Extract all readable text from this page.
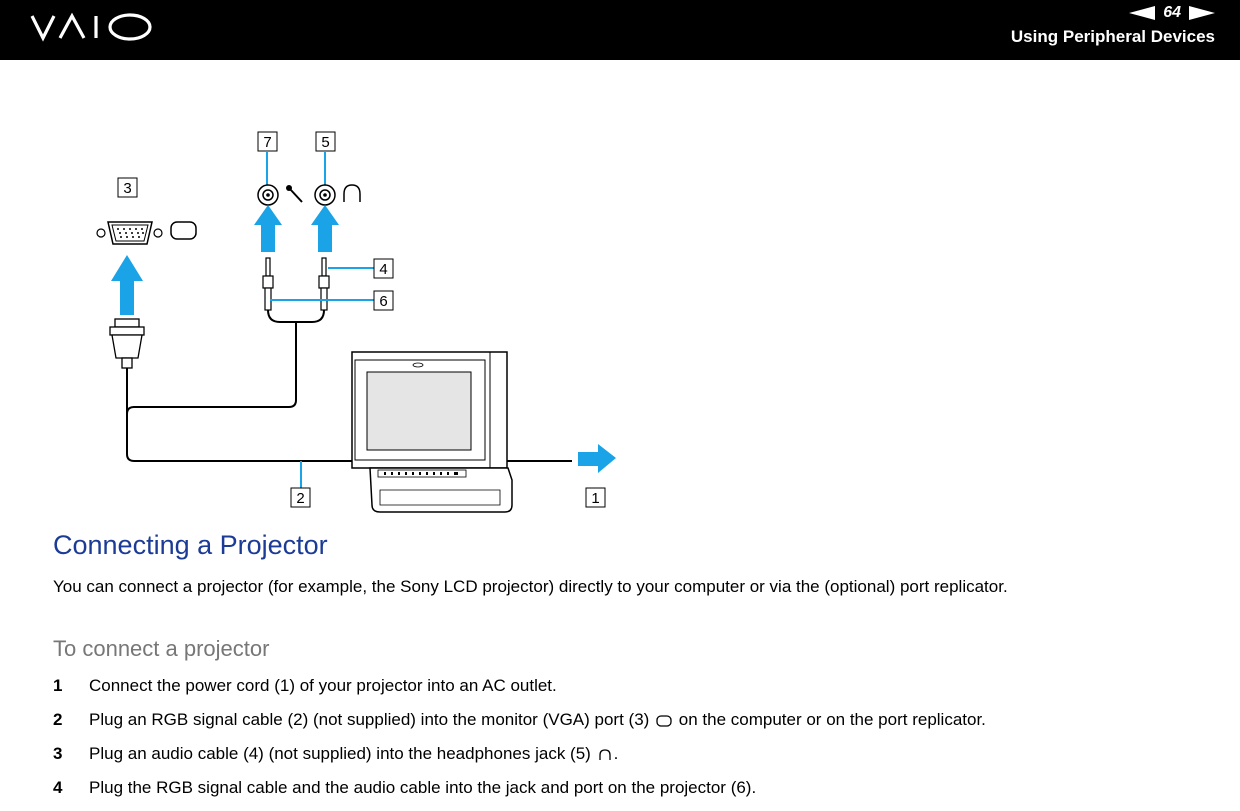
64
Using Peripheral Devices
7	5
3
4
6
2	1
Connecting a Projector

You can connect a projector (for example, the Sony LCD projector) directly to your computer or via the (optional) port replicator.

To connect a projector
1	Connect the power cord (1) of your projector into an AC outlet.
2	Plug an RGB signal cable (2) (not supplied) into the monitor (VGA) port (3) on the computer or on the port replicator.
3	Plug an audio cable (4) (not supplied) into the headphones jack (5) .
4	Plug the RGB signal cable and the audio cable into the jack and port on the projector (6).
